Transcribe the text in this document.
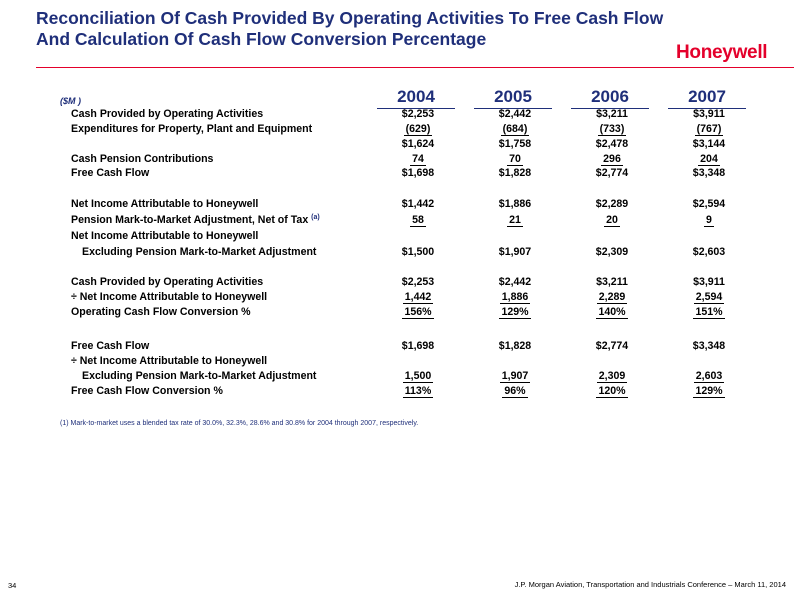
Reconciliation Of Cash Provided By Operating Activities To Free Cash Flow
And Calculation Of Cash Flow Conversion Percentage
Honeywell
($M )	2004	2005	2006	2007
Cash Provided by Operating Activities	$2,253	$2,442	$3,211	$3,911
Expenditures for Property, Plant and Equipment	(629)	(684)	(733)	(767)
$1,624	$1,758	$2,478	$3,144
Cash Pension Contributions	74	70	296	204
Free Cash Flow	$1,698	$1,828	$2,774	$3,348
Net Income Attributable to Honeywell	$1,442	$1,886	$2,289	$2,594
Pension Mark-to-Market Adjustment, Net of Tax $^{(a)}$	58	21	20	9
Net Income Attributable to Honeywell
Excluding Pension Mark-to-Market Adjustment	$1,500	$1,907	$2,309	$2,603
Cash Provided by Operating Activities	$2,253	$2,442	$3,211	$3,911
÷ Net Income Attributable to Honeywell	1,442	1,886	2,289	2,594
Operating Cash Flow Conversion %	156%	129%	140%	151%
Free Cash Flow	$1,698	$1,828	$2,774	$3,348
÷ Net Income Attributable to Honeywell
Excluding Pension Mark-to-Market Adjustment	1,500	1,907	2,309	2,603
Free Cash Flow Conversion %	113%	96%	120%	129%
(1) Mark-to-market uses a blended tax rate of 30.0%, 32.3%, 28.6% and 30.8% for 2004 through 2007, respectively.
34	J.P. Morgan Aviation, Transportation and Industrials Conference – March 11, 2014
